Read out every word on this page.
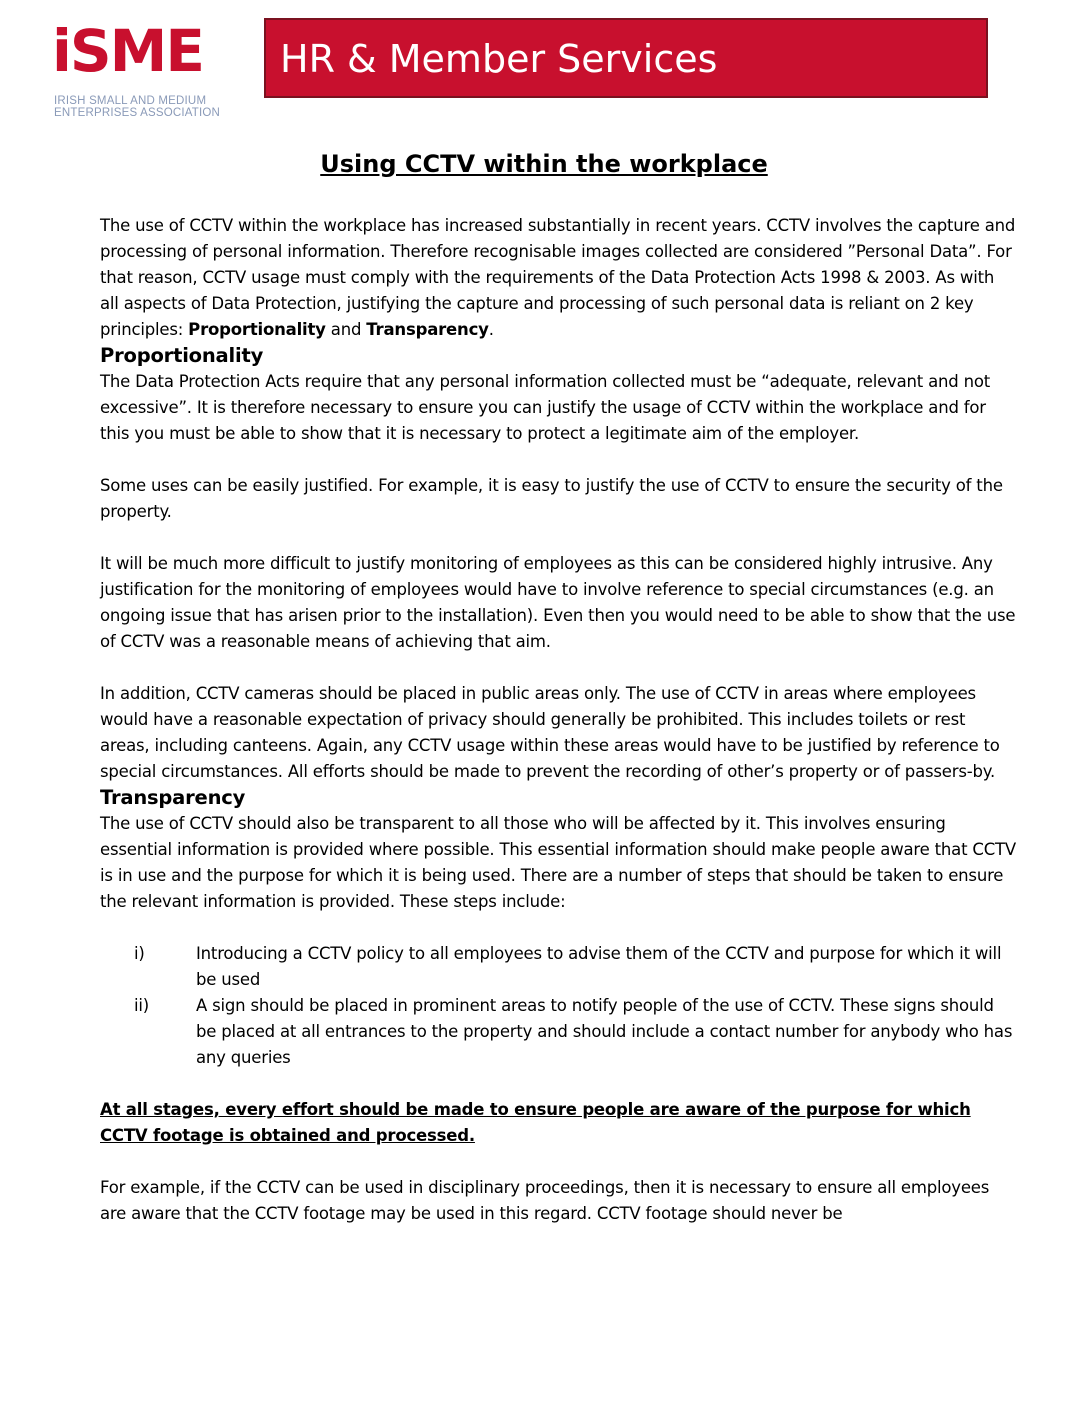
iSME
IRISH SMALL AND MEDIUM
ENTERPRISES ASSOCIATION
HR & Member Services
Using CCTV within the workplace

The use of CCTV within the workplace has increased substantially in recent years. CCTV involves the capture and processing of personal information. Therefore recognisable images collected are considered ”Personal Data”. For that reason, CCTV usage must comply with the requirements of the Data Protection Acts 1998 & 2003. As with all aspects of Data Protection, justifying the capture and processing of such personal data is reliant on 2 key principles: Proportionality and Transparency.

Proportionality

The Data Protection Acts require that any personal information collected must be “adequate, relevant and not excessive”. It is therefore necessary to ensure you can justify the usage of CCTV within the workplace and for this you must be able to show that it is necessary to protect a legitimate aim of the employer.

Some uses can be easily justified. For example, it is easy to justify the use of CCTV to ensure the security of the property.

It will be much more difficult to justify monitoring of employees as this can be considered highly intrusive. Any justification for the monitoring of employees would have to involve reference to special circumstances (e.g. an ongoing issue that has arisen prior to the installation). Even then you would need to be able to show that the use of CCTV was a reasonable means of achieving that aim.

In addition, CCTV cameras should be placed in public areas only. The use of CCTV in areas where employees would have a reasonable expectation of privacy should generally be prohibited. This includes toilets or rest areas, including canteens. Again, any CCTV usage within these areas would have to be justified by reference to special circumstances. All efforts should be made to prevent the recording of other’s property or of passers-by.

Transparency

The use of CCTV should also be transparent to all those who will be affected by it. This involves ensuring essential information is provided where possible. This essential information should make people aware that CCTV is in use and the purpose for which it is being used. There are a number of steps that should be taken to ensure the relevant information is provided. These steps include:

i)	Introducing a CCTV policy to all employees to advise them of the CCTV and purpose for which it will be used
ii)	A sign should be placed in prominent areas to notify people of the use of CCTV. These signs should be placed at all entrances to the property and should include a contact number for anybody who has any queries

At all stages, every effort should be made to ensure people are aware of the purpose for which CCTV footage is obtained and processed.

For example, if the CCTV can be used in disciplinary proceedings, then it is necessary to ensure all employees are aware that the CCTV footage may be used in this regard. CCTV footage should never be
